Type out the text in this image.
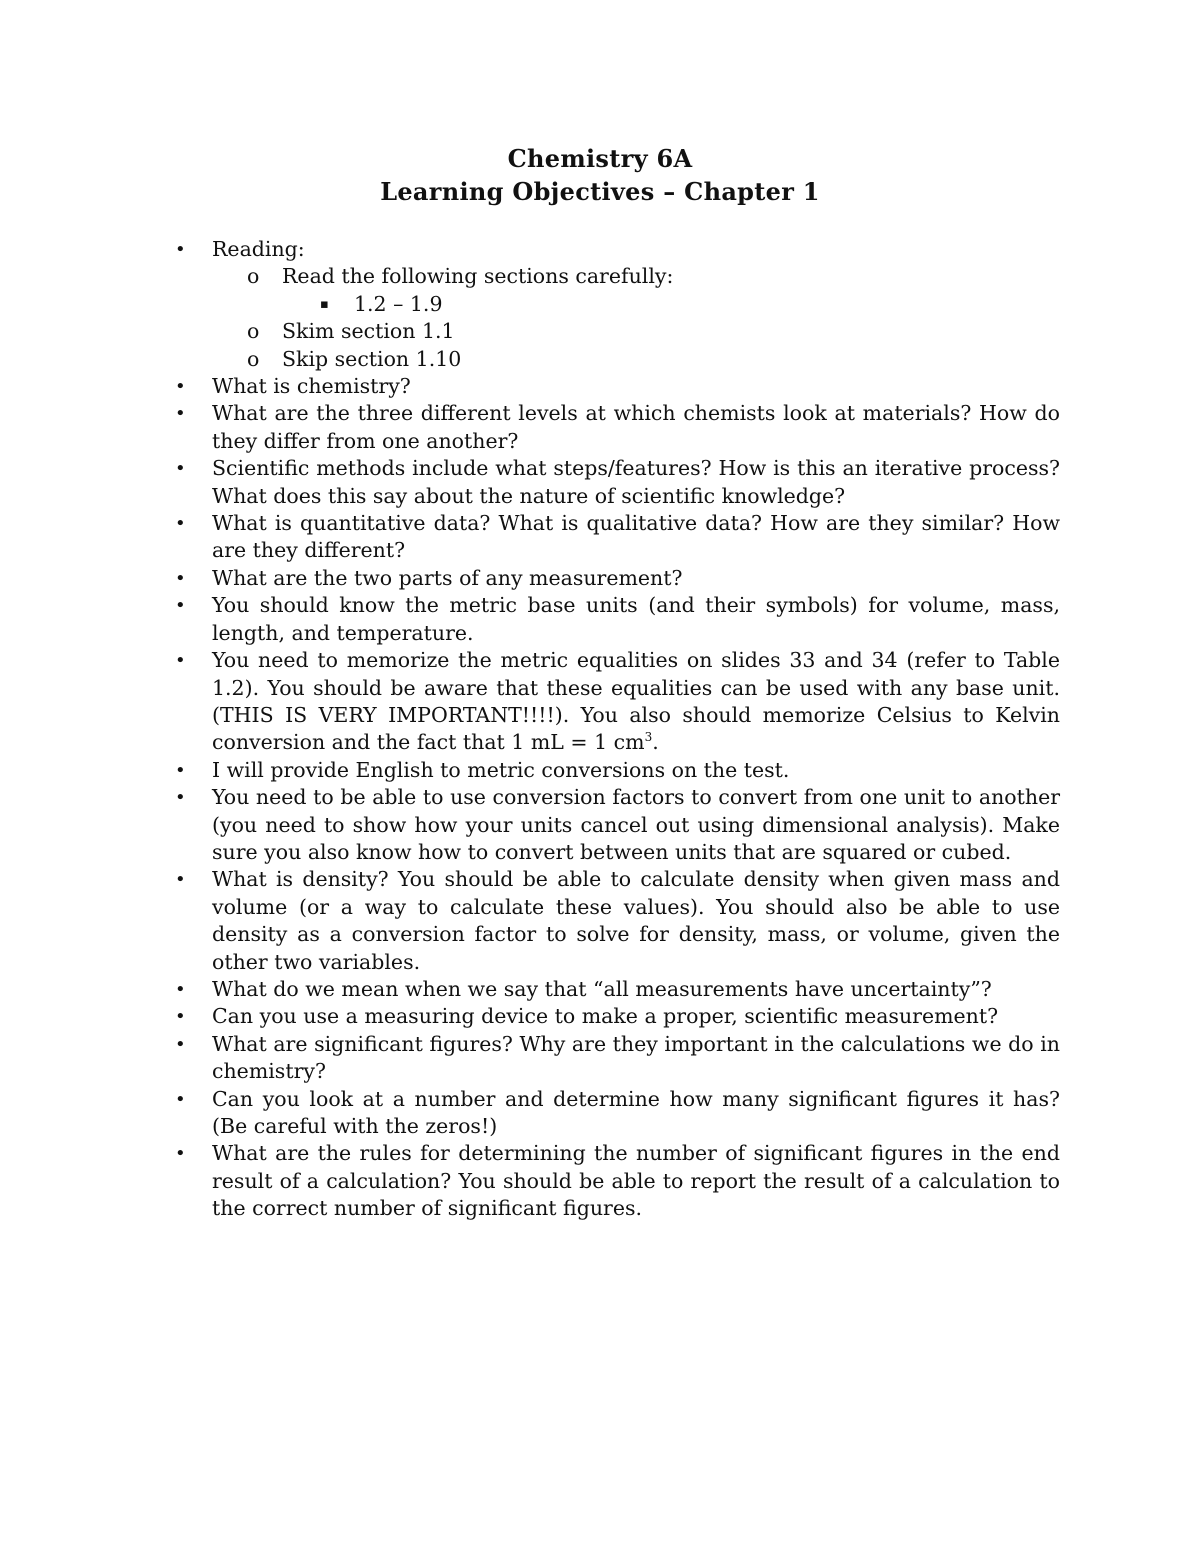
Chemistry 6A
Learning Objectives – Chapter 1
• Reading:
o Read the following sections carefully:
▪ 1.2 – 1.9
o Skim section 1.1
o Skip section 1.10
• What is chemistry?
• What are the three different levels at which chemists look at materials? How do they differ from one another?
• Scientific methods include what steps/features? How is this an iterative process? What does this say about the nature of scientific knowledge?
• What is quantitative data? What is qualitative data? How are they similar? How are they different?
• What are the two parts of any measurement?
• You should know the metric base units (and their symbols) for volume, mass, length, and temperature.
• You need to memorize the metric equalities on slides 33 and 34 (refer to Table 1.2). You should be aware that these equalities can be used with any base unit. (THIS IS VERY IMPORTANT!!!!). You also should memorize Celsius to Kelvin conversion and the fact that 1 mL = 1 $cm^3$.
• I will provide English to metric conversions on the test.
• You need to be able to use conversion factors to convert from one unit to another (you need to show how your units cancel out using dimensional analysis). Make sure you also know how to convert between units that are squared or cubed.
• What is density? You should be able to calculate density when given mass and volume (or a way to calculate these values). You should also be able to use density as a conversion factor to solve for density, mass, or volume, given the other two variables.
• What do we mean when we say that “all measurements have uncertainty”?
• Can you use a measuring device to make a proper, scientific measurement?
• What are significant figures? Why are they important in the calculations we do in chemistry?
• Can you look at a number and determine how many significant figures it has? (Be careful with the zeros!)
• What are the rules for determining the number of significant figures in the end result of a calculation? You should be able to report the result of a calculation to the correct number of significant figures.
